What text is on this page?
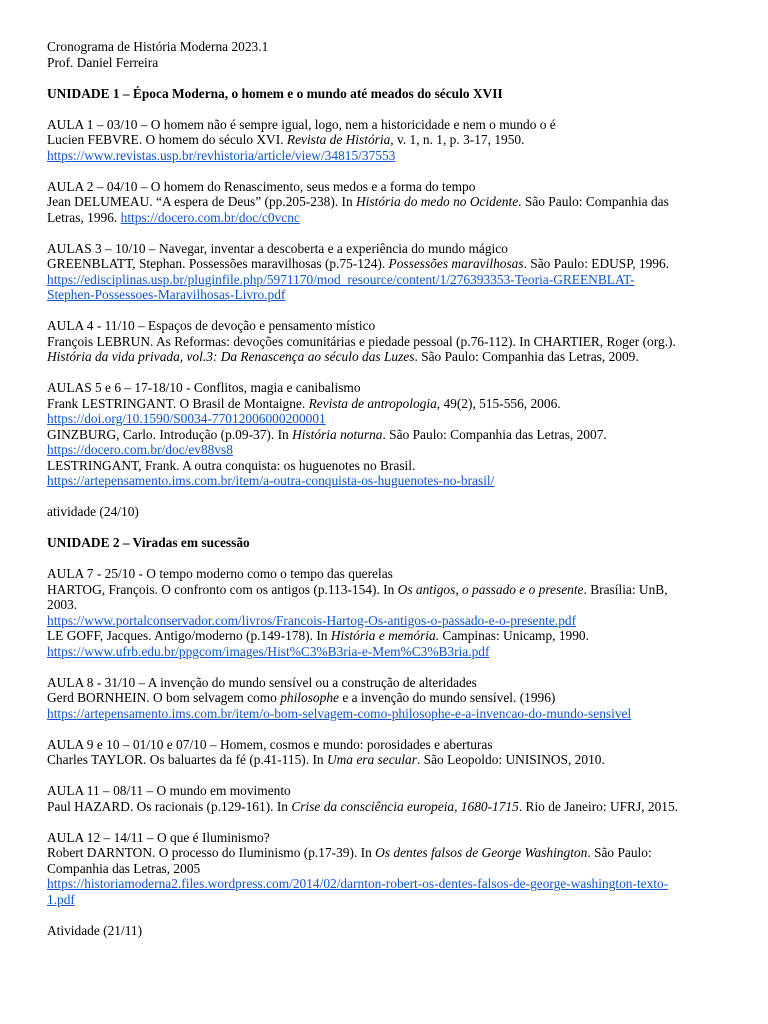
Cronograma de História Moderna 2023.1
Prof. Daniel Ferreira
UNIDADE 1 – Época Moderna, o homem e o mundo até meados do século XVII
AULA 1 – 03/10 – O homem não é sempre igual, logo, nem a historicidade e nem o mundo o é
Lucien FEBVRE. O homem do século XVI. Revista de História, v. 1, n. 1, p. 3-17, 1950.
https://www.revistas.usp.br/revhistoria/article/view/34815/37553
AULA 2 – 04/10 – O homem do Renascimento, seus medos e a forma do tempo
Jean DELUMEAU. “A espera de Deus” (pp.205-238). In História do medo no Ocidente. São Paulo: Companhia das
Letras, 1996. https://docero.com.br/doc/c0vcnc
AULAS 3 – 10/10 – Navegar, inventar a descoberta e a experiência do mundo mágico
GREENBLATT, Stephan. Possessões maravilhosas (p.75-124). Possessões maravilhosas. São Paulo: EDUSP, 1996.
https://edisciplinas.usp.br/pluginfile.php/5971170/mod_resource/content/1/276393353-Teoria-GREENBLAT-
Stephen-Possessoes-Maravilhosas-Livro.pdf
AULA 4 - 11/10 – Espaços de devoção e pensamento místico
François LEBRUN. As Reformas: devoções comunitárias e piedade pessoal (p.76-112). In CHARTIER, Roger (org.).
História da vida privada, vol.3: Da Renascença ao século das Luzes. São Paulo: Companhia das Letras, 2009.
AULAS 5 e 6 – 17-18/10 - Conflitos, magia e canibalismo
Frank LESTRINGANT. O Brasil de Montaigne. Revista de antropologia, 49(2), 515-556, 2006.
https://doi.org/10.1590/S0034-77012006000200001
GINZBURG, Carlo. Introdução (p.09-37). In História noturna. São Paulo: Companhia das Letras, 2007.
https://docero.com.br/doc/ev88vs8
LESTRINGANT, Frank. A outra conquista: os huguenotes no Brasil.
https://artepensamento.ims.com.br/item/a-outra-conquista-os-huguenotes-no-brasil/
atividade (24/10)
UNIDADE 2 – Viradas em sucessão
AULA 7 - 25/10 - O tempo moderno como o tempo das querelas
HARTOG, François. O confronto com os antigos (p.113-154). In Os antigos, o passado e o presente. Brasília: UnB,
2003.
https://www.portalconservador.com/livros/Francois-Hartog-Os-antigos-o-passado-e-o-presente.pdf
LE GOFF, Jacques. Antigo/moderno (p.149-178). In História e memória. Campinas: Unicamp, 1990.
https://www.ufrb.edu.br/ppgcom/images/Hist%C3%B3ria-e-Mem%C3%B3ria.pdf
AULA 8 - 31/10 – A invenção do mundo sensível ou a construção de alteridades
Gerd BORNHEIN. O bom selvagem como philosophe e a invenção do mundo sensível. (1996)
https://artepensamento.ims.com.br/item/o-bom-selvagem-como-philosophe-e-a-invencao-do-mundo-sensivel
AULA 9 e 10 – 01/10 e 07/10 – Homem, cosmos e mundo: porosidades e aberturas
Charles TAYLOR. Os baluartes da fé (p.41-115). In Uma era secular. São Leopoldo: UNISINOS, 2010.
AULA 11 – 08/11 – O mundo em movimento
Paul HAZARD. Os racionais (p.129-161). In Crise da consciência europeia, 1680-1715. Rio de Janeiro: UFRJ, 2015.
AULA 12 – 14/11 – O que é Iluminismo?
Robert DARNTON. O processo do Iluminismo (p.17-39). In Os dentes falsos de George Washington. São Paulo:
Companhia das Letras, 2005
https://historiamoderna2.files.wordpress.com/2014/02/darnton-robert-os-dentes-falsos-de-george-washington-texto-
1.pdf
Atividade (21/11)
